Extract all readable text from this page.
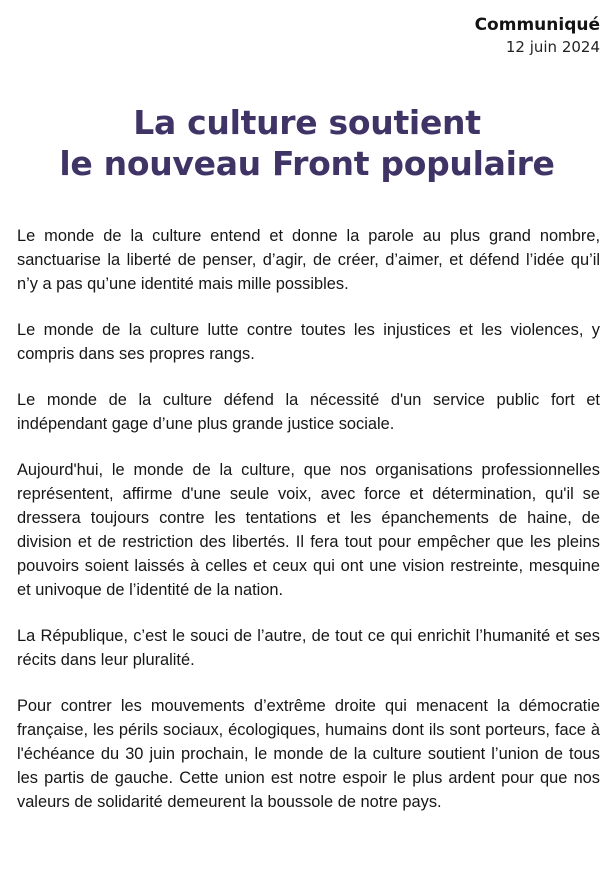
Communiqué
12 juin 2024
La culture soutient
le nouveau Front populaire

Le monde de la culture entend et donne la parole au plus grand nombre, sanctuarise la liberté de penser, d’agir, de créer, d’aimer, et défend l’idée qu’il n’y a pas qu’une identité mais mille possibles.

Le monde de la culture lutte contre toutes les injustices et les violences, y compris dans ses propres rangs.

Le monde de la culture défend la nécessité d'un service public fort et indépendant gage d’une plus grande justice sociale.

Aujourd'hui, le monde de la culture, que nos organisations professionnelles représentent, affirme d'une seule voix, avec force et détermination, qu'il se dressera toujours contre les tentations et les épanchements de haine, de division et de restriction des libertés. Il fera tout pour empêcher que les pleins pouvoirs soient laissés à celles et ceux qui ont une vision restreinte, mesquine et univoque de l’identité de la nation.

La République, c’est le souci de l’autre, de tout ce qui enrichit l’humanité et ses récits dans leur pluralité.

Pour contrer les mouvements d’extrême droite qui menacent la démocratie française, les périls sociaux, écologiques, humains dont ils sont porteurs, face à l'échéance du 30 juin prochain, le monde de la culture soutient l’union de tous les partis de gauche. Cette union est notre espoir le plus ardent pour que nos valeurs de solidarité demeurent la boussole de notre pays.
